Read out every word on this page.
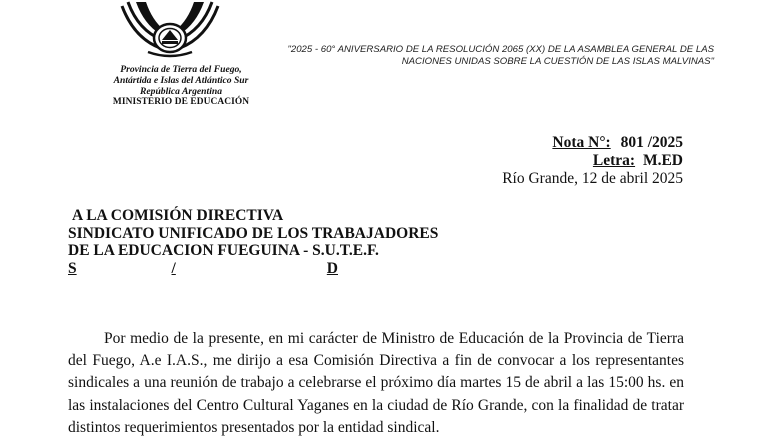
Provincia de Tierra del Fuego,
Antártida e Islas del Atlántico Sur
República Argentina
MINISTERIO DE EDUCACIÓN
"2025 - 60° ANIVERSARIO DE LA RESOLUCIÓN 2065 (XX) DE LA ASAMBLEA GENERAL DE LAS
NACIONES UNIDAS SOBRE LA CUESTIÓN DE LAS ISLAS MALVINAS"
Nota N°: 801 /2025
Letra: M.ED
Río Grande, 12 de abril 2025
A LA COMISIÓN DIRECTIVA
SINDICATO UNIFICADO DE LOS TRABAJADORES
DE LA EDUCACION FUEGUINA - S.U.T.E.F.
S	/	D

Por medio de la presente, en mi carácter de Ministro de Educación de la Provincia de Tierra del Fuego, A.e I.A.S., me dirijo a esa Comisión Directiva a fin de convocar a los representantes sindicales a una reunión de trabajo a celebrarse el próximo día martes 15 de abril a las 15:00 hs. en las instalaciones del Centro Cultural Yaganes en la ciudad de Río Grande, con la finalidad de tratar distintos requerimientos presentados por la entidad sindical.
